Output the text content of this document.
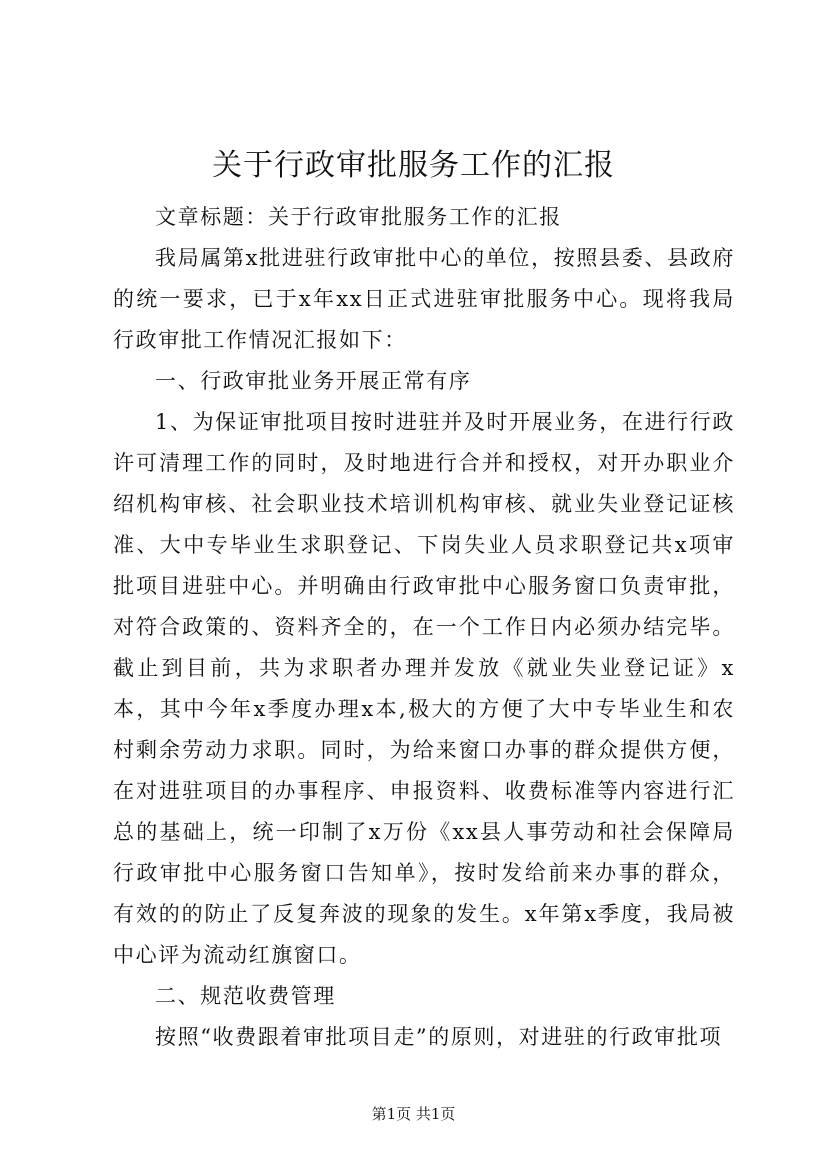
关于行政审批服务工作的汇报

文章标题：关于行政审批服务工作的汇报

我局属第x批进驻行政审批中心的单位，按照县委、县政府的统一要求，已于x年xx日正式进驻审批服务中心。现将我局行政审批工作情况汇报如下：

一、行政审批业务开展正常有序

1、为保证审批项目按时进驻并及时开展业务，在进行行政许可清理工作的同时，及时地进行合并和授权，对开办职业介绍机构审核、社会职业技术培训机构审核、就业失业登记证核准、大中专毕业生求职登记、下岗失业人员求职登记共x项审批项目进驻中心。并明确由行政审批中心服务窗口负责审批，对符合政策的、资料齐全的，在一个工作日内必须办结完毕。截止到目前，共为求职者办理并发放《就业失业登记证》x本，其中今年x季度办理x本,极大的方便了大中专毕业生和农村剩余劳动力求职。同时，为给来窗口办事的群众提供方便，在对进驻项目的办事程序、申报资料、收费标准等内容进行汇总的基础上，统一印制了x万份《xx县人事劳动和社会保障局行政审批中心服务窗口告知单》，按时发给前来办事的群众，有效的的防止了反复奔波的现象的发生。x年第x季度，我局被中心评为流动红旗窗口。

二、规范收费管理

按照“收费跟着审批项目走”的原则，对进驻的行政审批项

第1页 共1页
